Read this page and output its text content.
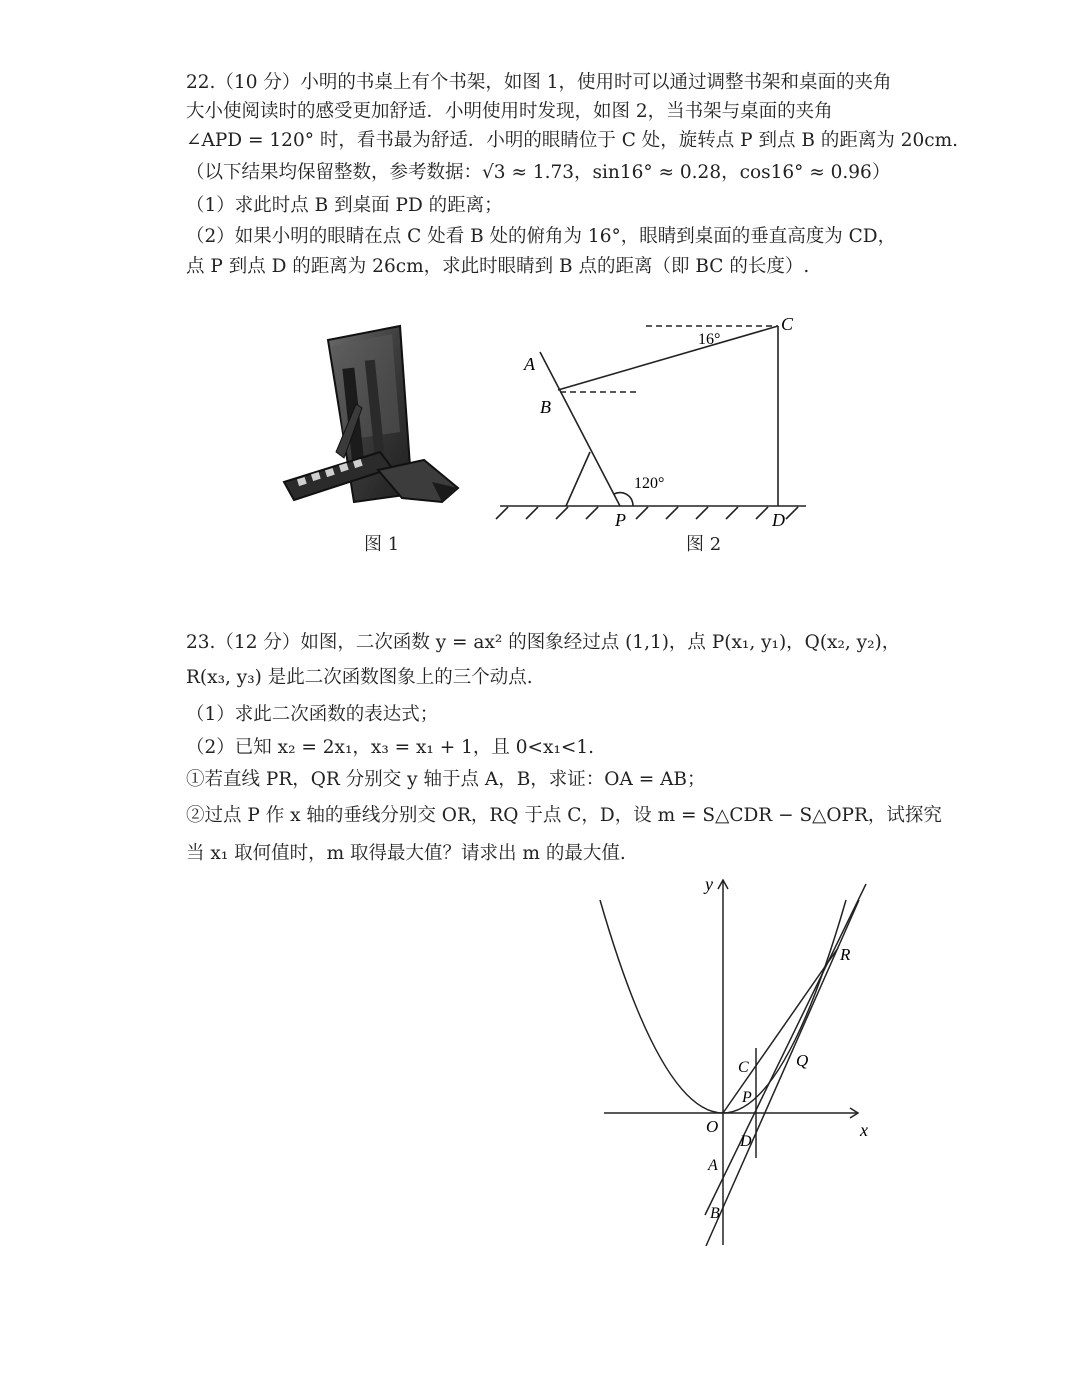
22.（10 分）小明的书桌上有个书架，如图 1，使用时可以通过调整书架和桌面的夹角
大小使阅读时的感受更加舒适．小明使用时发现，如图 2，当书架与桌面的夹角
∠APD = 120° 时，看书最为舒适．小明的眼睛位于 C 处，旋转点 P 到点 B 的距离为 20cm.
（以下结果均保留整数，参考数据：√3 ≈ 1.73，sin16° ≈ 0.28，cos16° ≈ 0.96）
（1）求此时点 B 到桌面 PD 的距离；
（2）如果小明的眼睛在点 C 处看 B 处的俯角为 16°，眼睛到桌面的垂直高度为 CD，
点 P 到点 D 的距离为 26cm，求此时眼睛到 B 点的距离（即 BC 的长度）.
图 1
A
B
C
P	D
16°
120°
图 2
23.（12 分）如图，二次函数 y = ax² 的图象经过点 (1,1)，点 P(x₁, y₁)，Q(x₂, y₂)，
R(x₃, y₃) 是此二次函数图象上的三个动点.
（1）求此二次函数的表达式；
（2）已知 x₂ = 2x₁，x₃ = x₁ + 1，且 0<x₁<1.
①若直线 PR，QR 分别交 y 轴于点 A，B，求证：OA = AB；
②过点 P 作 x 轴的垂线分别交 OR，RQ 于点 C，D，设 m = S△CDR − S△OPR，试探究
当 x₁ 取何值时，m 取得最大值？请求出 m 的最大值.
x
y
O
P
Q
R
C
D
A
B
